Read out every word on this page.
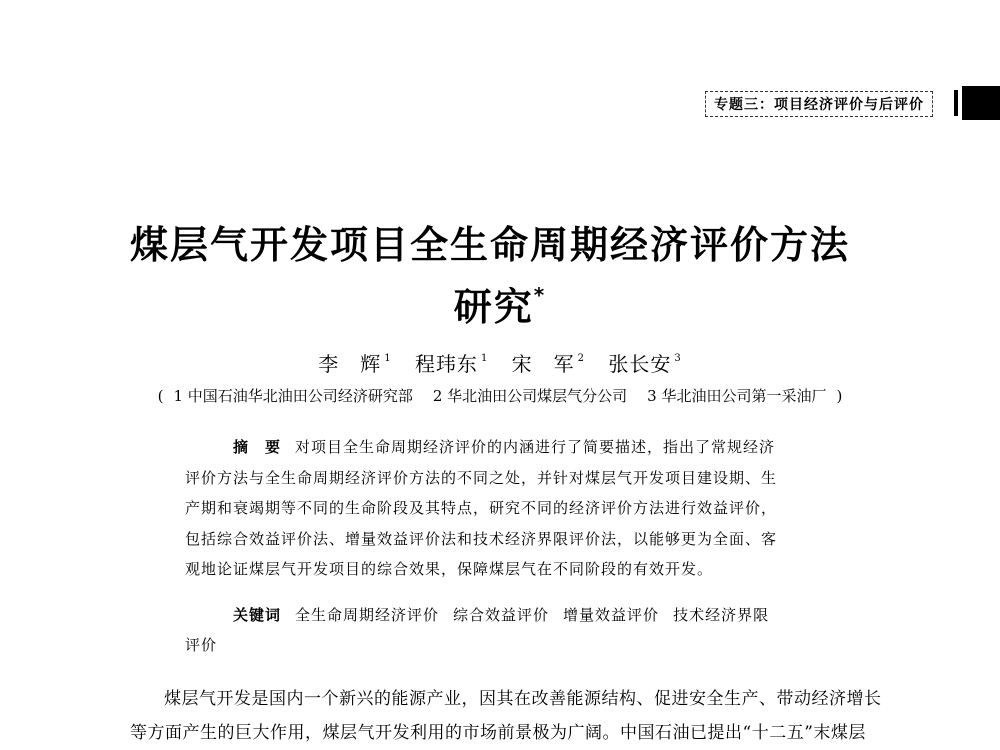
专题三：项目经济评价与后评价
煤层气开发项目全生命周期经济评价方法
研究*
李　辉 $^1$ 程玮东 $^1$ 宋　军 $^2$ 张长安 $^3$
( 1 中国石油华北油田公司经济研究部 2 华北油田公司煤层气分公司 3 华北油田公司第一采油厂 )
摘　要 对项目全生命周期经济评价的内涵进行了简要描述，指出了常规经济
评价方法与全生命周期经济评价方法的不同之处，并针对煤层气开发项目建设期、生
产期和衰竭期等不同的生命阶段及其特点，研究不同的经济评价方法进行效益评价，
包括综合效益评价法、增量效益评价法和技术经济界限评价法，以能够更为全面、客
观地论证煤层气开发项目的综合效果，保障煤层气在不同阶段的有效开发。
关键词 全生命周期经济评价 综合效益评价 增量效益评价 技术经济界限
评价
煤层气开发是国内一个新兴的能源产业，因其在改善能源结构、促进安全生产、带动经济增长
等方面产生的巨大作用，煤层气开发利用的市场前景极为广阔。中国石油已提出“十二五”末煤层
